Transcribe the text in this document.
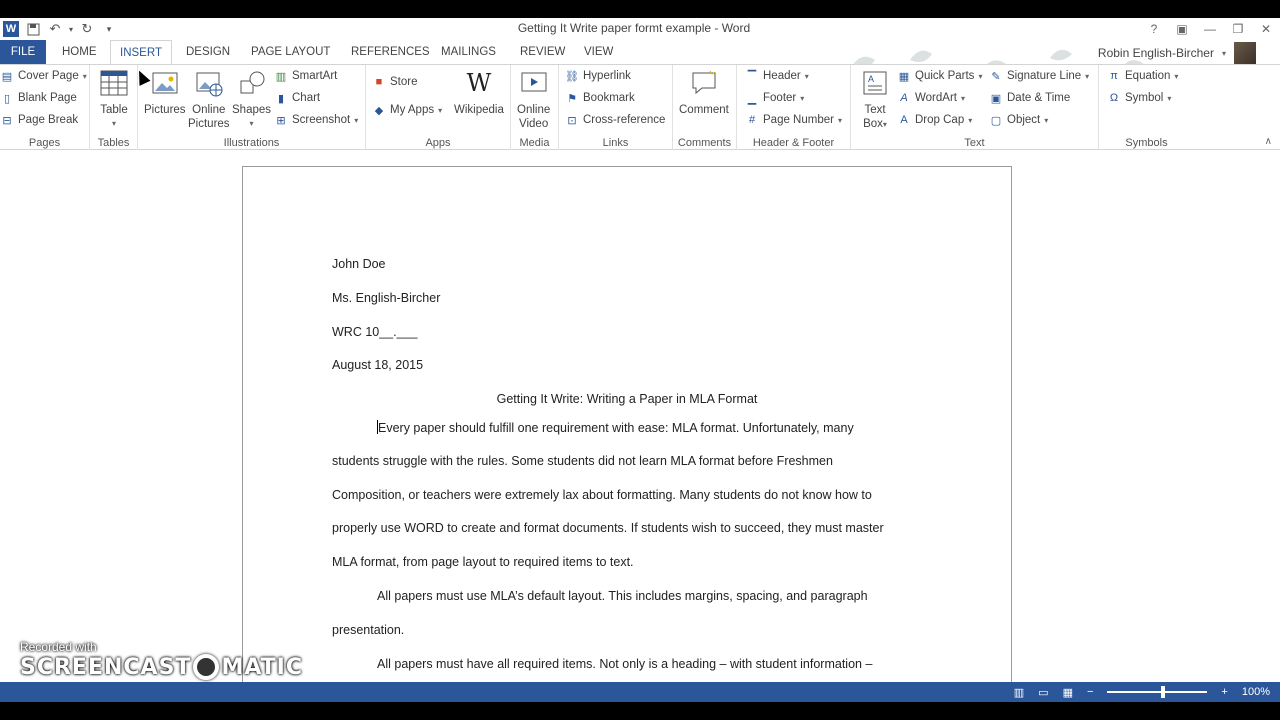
W	↶	▾ ↻	▾	Getting It Write paper formt example - Word	?	▣	—	❐	✕
FILE	HOME	INSERT	DESIGN PAGE LAYOUT REFERENCES MAILINGS REVIEW VIEW	Robin English-Bircher ▾
▤ Cover Page ▾
▯ Blank Page
⊟ Page Break
Pages
Table
▾
Tables
Pictures Online
Pictures
Shapes
▾
▥ SmartArt
▮ Chart
⊞ Screenshot ▾
Illustrations
■ Store
◆ My Apps ▾
W
Wikipedia
Apps
Online
Video
Media
⛓ Hyperlink
⚑ Bookmark
⊡ Cross-reference
Links
Comment
Comments
▔ Header ▾
▁ Footer ▾
# Page Number ▾
Header & Footer
A
Text
Box▾
▦ Quick Parts ▾
A WordArt ▾
A Drop Cap ▾
✎ Signature Line ▾
▣ Date & Time
▢ Object ▾
Text
π Equation ▾
Ω Symbol ▾
Symbols	∧
John Doe
Ms. English-Bircher
WRC 10__.___
August 18, 2015
Getting It Write: Writing a Paper in MLA Format
Every paper should fulfill one requirement with ease: MLA format. Unfortunately, many
students struggle with the rules. Some students did not learn MLA format before Freshmen
Composition, or teachers were extremely lax about formatting. Many students do not know how to
properly use WORD to create and format documents. If students wish to succeed, they must master
MLA format, from page layout to required items to text.
All papers must use MLA’s default layout. This includes margins, spacing, and paragraph
presentation.
All papers must have all required items. Not only is a heading – with student information –
▥ ▭ ▦ −	+ 100%
Recorded with
SCREENCAST MATIC
